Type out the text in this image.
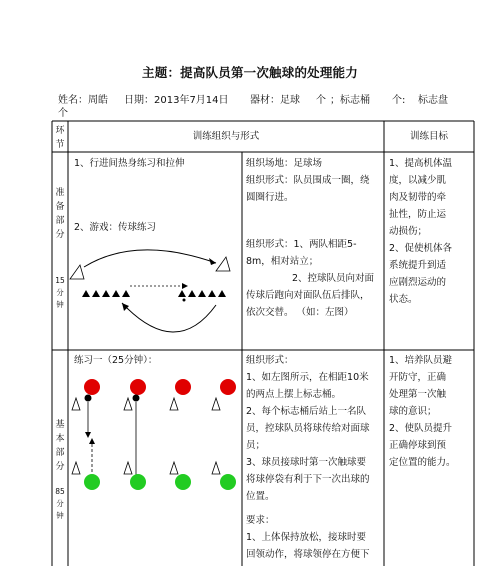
主题：提高队员第一次触球的处理能力
姓名：周皓 日期：2013年7月14日 器材：足球 个 ；标志桶 个: 标志盘
个
环节
训练组织与形式	训练目标
准
备
部
分
15
分
钟
1、行进间热身练习和拉伸
2、游戏：传球练习
组织场地：足球场
组织形式：队员围成一圈，绕
圆圈行进。
组织形式：1、两队相距5-
8m，相对站立；
2、控球队员向对面
传球后跑向对面队伍后排队，
依次交替。 （如：左图）
1、提高机体温
度，以减少肌
肉及韧带的牵
扯性，防止运
动损伤；
2、促使机体各
系统提升到适
应剧烈运动的
状态。
基
本
部
分
85
分
钟
练习一（25分钟）：	组织形式：
1、如左图所示，在相距10米
的两点上摆上标志桶。
2、每个标志桶后站上一名队
员，控球队员将球传给对面球
员；
3、球员接球时第一次触球要
将球停袋有利于下一次出球的
位置。
要求：
1、上体保持放松，接球时要
回领动作，将球领停在方便下
1、培养队员避
开防守，正确
处理第一次触
球的意识；
2、使队员提升
正确停球到预
定位置的能力。
